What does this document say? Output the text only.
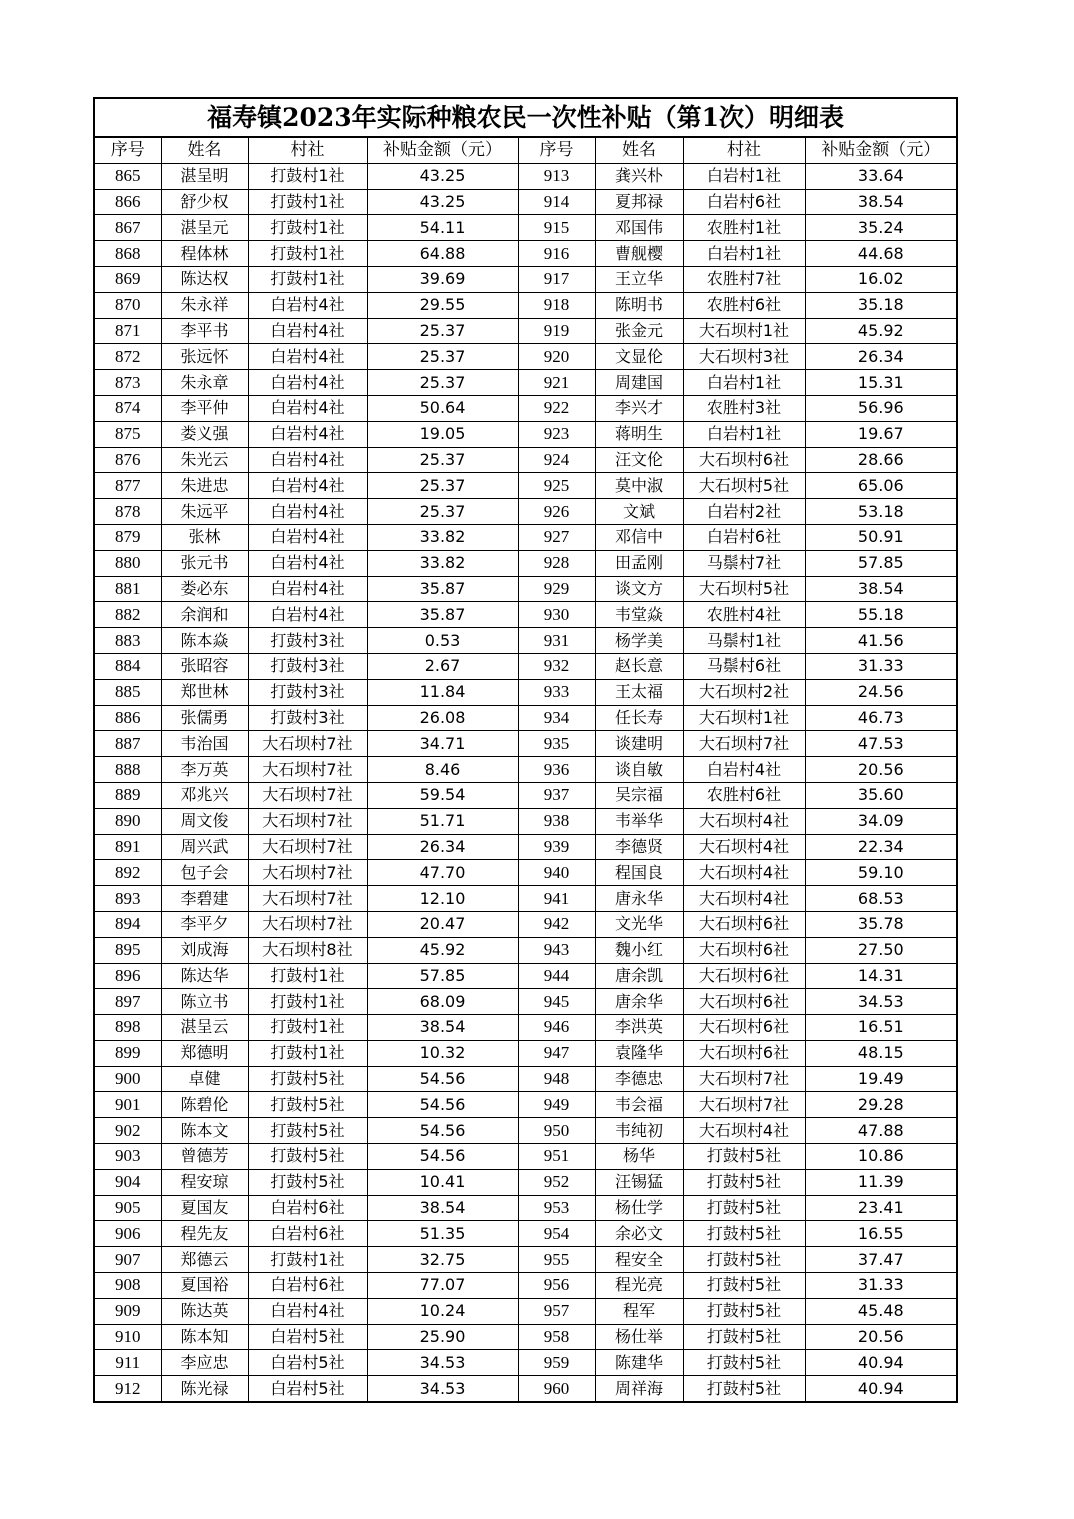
福寿镇2023年实际种粮农民一次性补贴（第1次）明细表							
序号	姓名	村社	补贴金额（元）	序号	姓名	村社	补贴金额（元）
865	湛呈明	打鼓村1社	43.25	913	龚兴朴	白岩村1社	33.64
866	舒少权	打鼓村1社	43.25	914	夏邦禄	白岩村6社	38.54
867	湛呈元	打鼓村1社	54.11	915	邓国伟	农胜村1社	35.24
868	程体林	打鼓村1社	64.88	916	曹舰樱	白岩村1社	44.68
869	陈达权	打鼓村1社	39.69	917	王立华	农胜村7社	16.02
870	朱永祥	白岩村4社	29.55	918	陈明书	农胜村6社	35.18
871	李平书	白岩村4社	25.37	919	张金元	大石坝村1社	45.92
872	张远怀	白岩村4社	25.37	920	文显伦	大石坝村3社	26.34
873	朱永章	白岩村4社	25.37	921	周建国	白岩村1社	15.31
874	李平仲	白岩村4社	50.64	922	李兴才	农胜村3社	56.96
875	娄义强	白岩村4社	19.05	923	蒋明生	白岩村1社	19.67
876	朱光云	白岩村4社	25.37	924	汪文伦	大石坝村6社	28.66
877	朱进忠	白岩村4社	25.37	925	莫中淑	大石坝村5社	65.06
878	朱远平	白岩村4社	25.37	926	文斌	白岩村2社	53.18
879	张林	白岩村4社	33.82	927	邓信中	白岩村6社	50.91
880	张元书	白岩村4社	33.82	928	田孟刚	马鬃村7社	57.85
881	娄必东	白岩村4社	35.87	929	谈文方	大石坝村5社	38.54
882	余润和	白岩村4社	35.87	930	韦堂焱	农胜村4社	55.18
883	陈本焱	打鼓村3社	0.53	931	杨学美	马鬃村1社	41.56
884	张昭容	打鼓村3社	2.67	932	赵长意	马鬃村6社	31.33
885	郑世林	打鼓村3社	11.84	933	王太福	大石坝村2社	24.56
886	张儒勇	打鼓村3社	26.08	934	任长寿	大石坝村1社	46.73
887	韦治国	大石坝村7社	34.71	935	谈建明	大石坝村7社	47.53
888	李万英	大石坝村7社	8.46	936	谈自敏	白岩村4社	20.56
889	邓兆兴	大石坝村7社	59.54	937	吴宗福	农胜村6社	35.60
890	周文俊	大石坝村7社	51.71	938	韦举华	大石坝村4社	34.09
891	周兴武	大石坝村7社	26.34	939	李德贤	大石坝村4社	22.34
892	包子会	大石坝村7社	47.70	940	程国良	大石坝村4社	59.10
893	李碧建	大石坝村7社	12.10	941	唐永华	大石坝村4社	68.53
894	李平夕	大石坝村7社	20.47	942	文光华	大石坝村6社	35.78
895	刘成海	大石坝村8社	45.92	943	魏小红	大石坝村6社	27.50
896	陈达华	打鼓村1社	57.85	944	唐余凯	大石坝村6社	14.31
897	陈立书	打鼓村1社	68.09	945	唐余华	大石坝村6社	34.53
898	湛呈云	打鼓村1社	38.54	946	李洪英	大石坝村6社	16.51
899	郑德明	打鼓村1社	10.32	947	袁隆华	大石坝村6社	48.15
900	卓健	打鼓村5社	54.56	948	李德忠	大石坝村7社	19.49
901	陈碧伦	打鼓村5社	54.56	949	韦会福	大石坝村7社	29.28
902	陈本文	打鼓村5社	54.56	950	韦纯初	大石坝村4社	47.88
903	曾德芳	打鼓村5社	54.56	951	杨华	打鼓村5社	10.86
904	程安琼	打鼓村5社	10.41	952	汪锡猛	打鼓村5社	11.39
905	夏国友	白岩村6社	38.54	953	杨仕学	打鼓村5社	23.41
906	程先友	白岩村6社	51.35	954	余必文	打鼓村5社	16.55
907	郑德云	打鼓村1社	32.75	955	程安全	打鼓村5社	37.47
908	夏国裕	白岩村6社	77.07	956	程光亮	打鼓村5社	31.33
909	陈达英	白岩村4社	10.24	957	程军	打鼓村5社	45.48
910	陈本知	白岩村5社	25.90	958	杨仕举	打鼓村5社	20.56
911	李应忠	白岩村5社	34.53	959	陈建华	打鼓村5社	40.94
912	陈光禄	白岩村5社	34.53	960	周祥海	打鼓村5社	40.94
